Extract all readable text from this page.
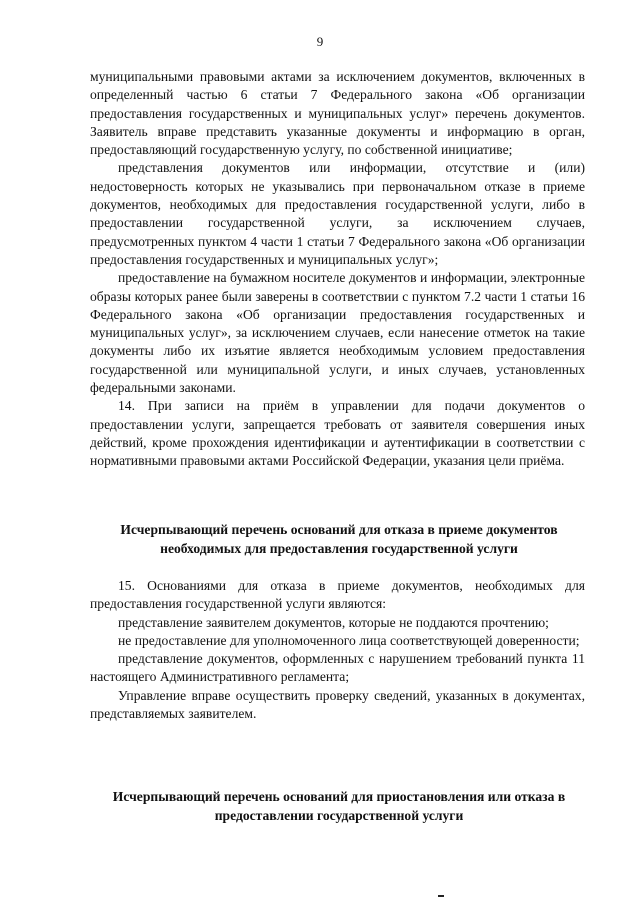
9

муниципальными правовыми актами за исключением документов, включенных в определенный частью 6 статьи 7 Федерального закона «Об организации предоставления государственных и муниципальных услуг» перечень документов. Заявитель вправе представить указанные документы и информацию в орган, предоставляющий государственную услугу, по собственной инициативе;

представления документов или информации, отсутствие и (или) недостоверность которых не указывались при первоначальном отказе в приеме документов, необходимых для предоставления государственной услуги, либо в предоставлении государственной услуги, за исключением случаев, предусмотренных пунктом 4 части 1 статьи 7 Федерального закона «Об организации предоставления государственных и муниципальных услуг»;

предоставление на бумажном носителе документов и информации, электронные образы которых ранее были заверены в соответствии с пунктом 7.2 части 1 статьи 16 Федерального закона «Об организации предоставления государственных и муниципальных услуг», за исключением случаев, если нанесение отметок на такие документы либо их изъятие является необходимым условием предоставления государственной или муниципальной услуги, и иных случаев, установленных федеральными законами.

14. При записи на приём в управлении для подачи документов о предоставлении услуги, запрещается требовать от заявителя совершения иных действий, кроме прохождения идентификации и аутентификации в соответствии с нормативными правовыми актами Российской Федерации, указания цели приёма.

Исчерпывающий перечень оснований для отказа в приеме документов необходимых для предоставления государственной услуги

15. Основаниями для отказа в приеме документов, необходимых для предоставления государственной услуги являются:

представление заявителем документов, которые не поддаются прочтению;

не предоставление для уполномоченного лица соответствующей доверенности;

представление документов, оформленных с нарушением требований пункта 11 настоящего Административного регламента;

Управление вправе осуществить проверку сведений, указанных в документах, представляемых заявителем.

Исчерпывающий перечень оснований для приостановления или отказа в предоставлении государственной услуги
